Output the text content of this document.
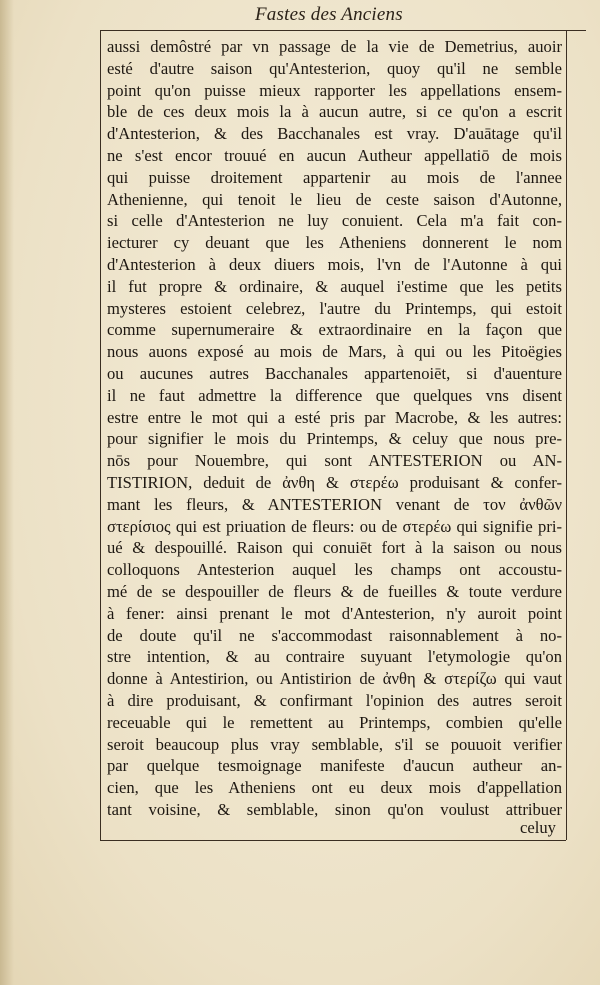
Fastes des Anciens
aussi demôstré par vn passage de la vie de Demetrius, auoir
esté d'autre saison qu'Antesterion, quoy qu'il ne semble
point qu'on puisse mieux rapporter les appellations ensem-
ble de ces deux mois la à aucun autre, si ce qu'on a escrit
d'Antesterion, & des Bacchanales est vray. D'auātage qu'il
ne s'est encor trouué en aucun Autheur appellatiō de mois
qui puisse droitement appartenir au mois de l'annee
Athenienne, qui tenoit le lieu de ceste saison d'Autonne,
si celle d'Antesterion ne luy conuient. Cela m'a fait con-
iecturer cy deuant que les Atheniens donnerent le nom
d'Antesterion à deux diuers mois, l'vn de l'Autonne à qui
il fut propre & ordinaire, & auquel i'estime que les petits
mysteres estoient celebrez, l'autre du Printemps, qui estoit
comme supernumeraire & extraordinaire en la façon que
nous auons exposé au mois de Mars, à qui ou les Pitoëgies
ou aucunes autres Bacchanales appartenoiēt, si d'auenture
il ne faut admettre la difference que quelques vns disent
estre entre le mot qui a esté pris par Macrobe, & les autres:
pour signifier le mois du Printemps, & celuy que nous pre-
nōs pour Nouembre, qui sont ANTESTERION ou AN-
TISTIRION, deduit de ἀνθη & στερέω produisant & confer-
mant les fleurs, & ANTESTERION venant de τον ἀνθῶν
στερίσιος qui est priuation de fleurs: ou de στερέω qui signifie pri-
ué & despouillé. Raison qui conuiēt fort à la saison ou nous
colloquons Antesterion auquel les champs ont accoustu-
mé de se despouiller de fleurs & de fueilles & toute verdure
à fener: ainsi prenant le mot d'Antesterion, n'y auroit point
de doute qu'il ne s'accommodast raisonnablement à no-
stre intention, & au contraire suyuant l'etymologie qu'on
donne à Antestirion, ou Antistirion de ἀνθη & στερίζω qui vaut
à dire produisant, & confirmant l'opinion des autres seroit
receuable qui le remettent au Printemps, combien qu'elle
seroit beaucoup plus vray semblable, s'il se pouuoit verifier
par quelque tesmoignage manifeste d'aucun autheur an-
cien, que les Atheniens ont eu deux mois d'appellation
tant voisine, & semblable, sinon qu'on voulust attribuer
celuy
